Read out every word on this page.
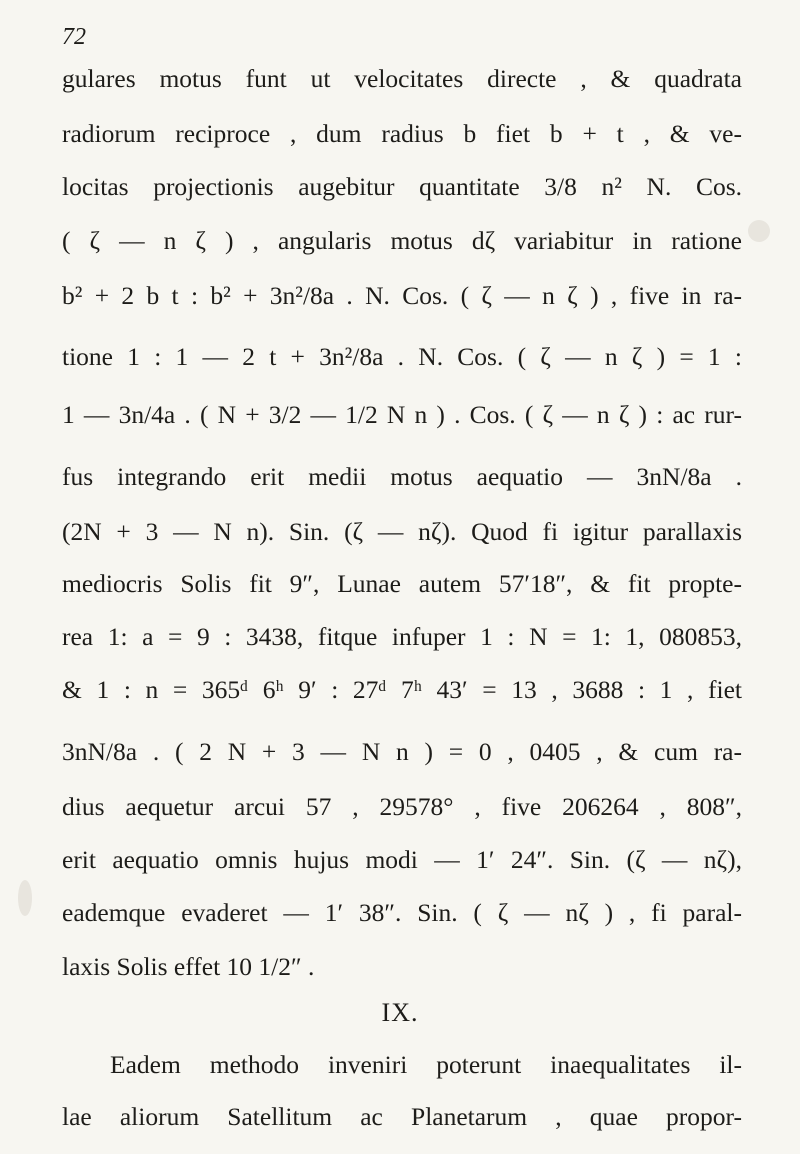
72
gulares motus funt ut velocitates directe , & quadrata
radiorum reciproce , dum radius b fiet b + t , & ve-
locitas projectionis augebitur quantitate 3/8 n² N. Cos.
( ζ — n ζ ) , angularis motus dζ variabitur in ratione
b² + 2 b t : b² + 3n²/8a . N. Cos. ( ζ — n ζ ) , five in ra-
tione 1 : 1 — 2 t + 3n²/8a . N. Cos. ( ζ — n ζ ) = 1 :
1 — 3n/4a . ( N + 3/2 — 1/2 N n ) . Cos. ( ζ — n ζ ) : ac rur-
fus integrando erit medii motus aequatio — 3nN/8a .
(2N + 3 — N n). Sin. (ζ — nζ). Quod fi igitur parallaxis
mediocris Solis fit 9″, Lunae autem 57′18″, & fit propte-
rea 1: a = 9 : 3438, fitque infuper 1 : N = 1: 1, 080853,
& 1 : n = 365ᵈ 6ʰ 9′ : 27ᵈ 7ʰ 43′ = 13 , 3688 : 1 , fiet
3nN/8a . ( 2 N + 3 — N n ) = 0 , 0405 , & cum ra-
dius aequetur arcui 57 , 29578° , five 206264 , 808″,
erit aequatio omnis hujus modi — 1′ 24″. Sin. (ζ — nζ),
eademque evaderet — 1′ 38″. Sin. ( ζ — nζ ) , fi paral-
laxis Solis effet 10 1/2″ .
IX.
Eadem methodo inveniri poterunt inaequalitates il-
lae aliorum Satellitum ac Planetarum , quae propor-
